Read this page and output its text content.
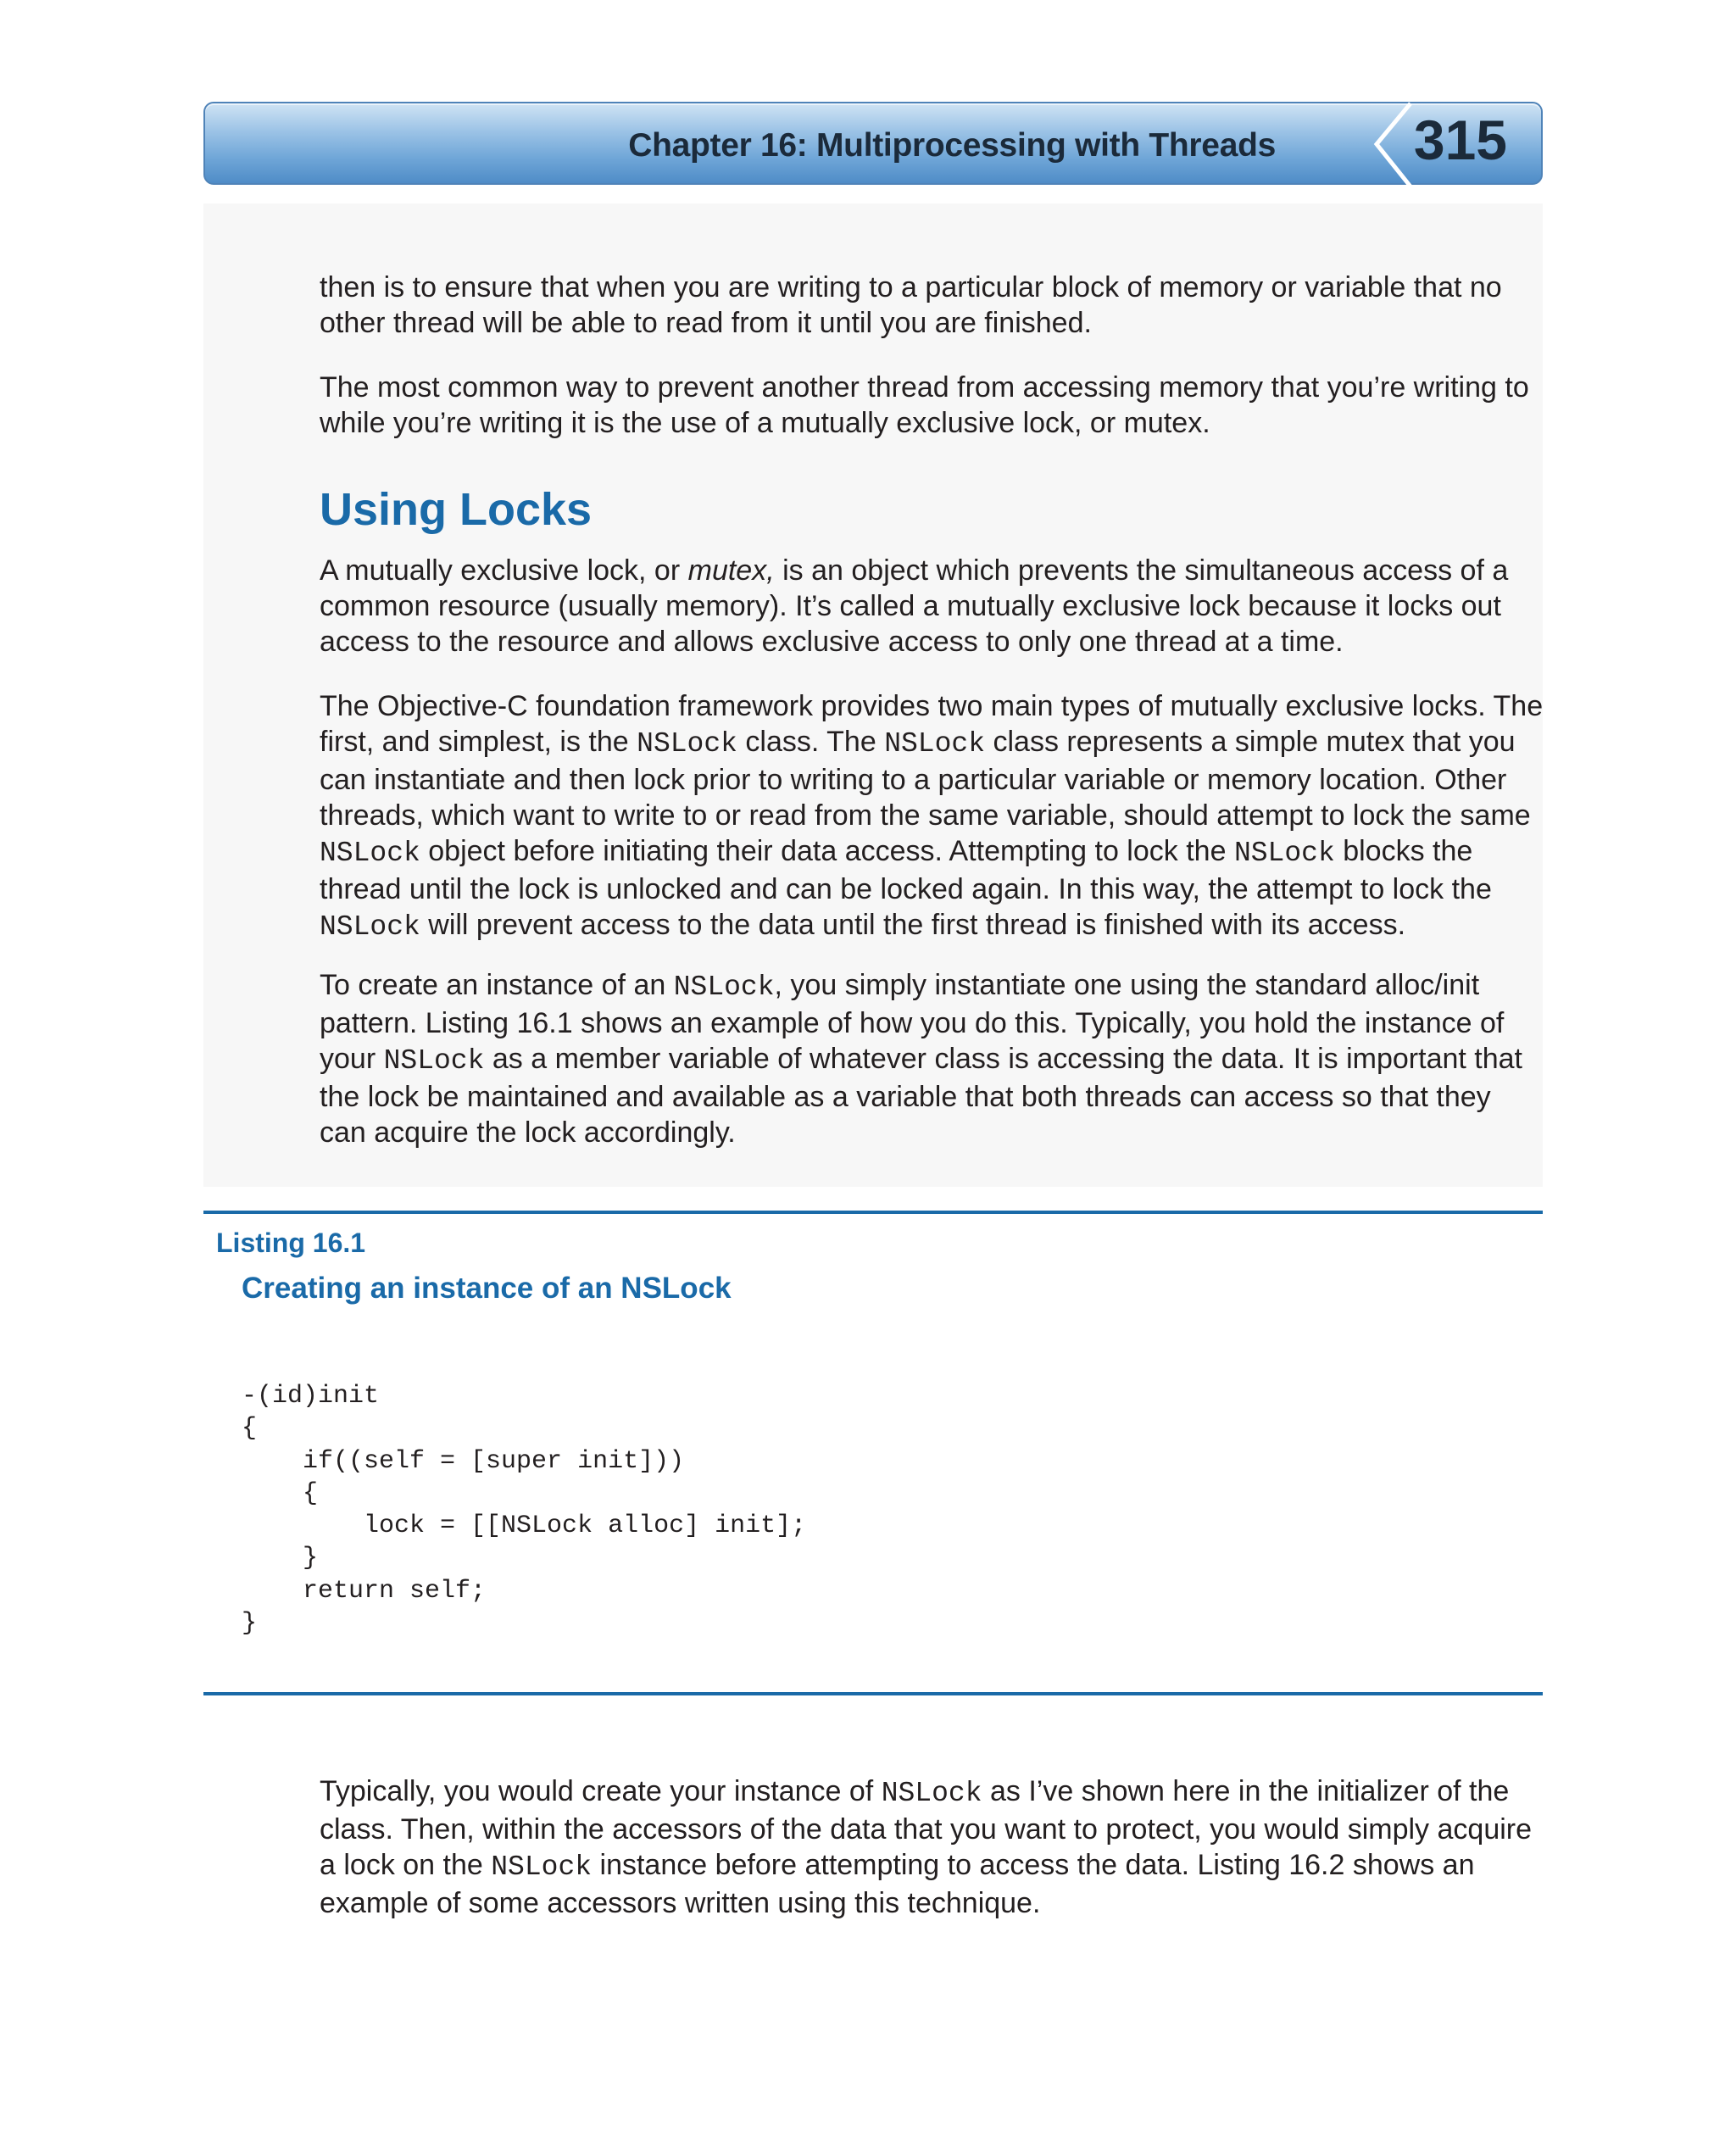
Chapter 16: Multiprocessing with Threads 315

then is to ensure that when you are writing to a particular block of memory or variable that no other thread will be able to read from it until you are finished.

The most common way to prevent another thread from accessing memory that you’re writing to while you’re writing it is the use of a mutually exclusive lock, or mutex.

Using Locks

A mutually exclusive lock, or mutex, is an object which prevents the simultaneous access of a common resource (usually memory). It’s called a mutually exclusive lock because it locks out access to the resource and allows exclusive access to only one thread at a time.

The Objective-C foundation framework provides two main types of mutually exclusive locks. The first, and simplest, is the NSLock class. The NSLock class represents a simple mutex that you can instantiate and then lock prior to writing to a particular variable or memory location. Other threads, which want to write to or read from the same variable, should attempt to lock the same NSLock object before initiating their data access. Attempting to lock the NSLock blocks the thread until the lock is unlocked and can be locked again. In this way, the attempt to lock the NSLock will prevent access to the data until the first thread is finished with its access.

To create an instance of an NSLock, you simply instantiate one using the standard alloc/init pattern. Listing 16.1 shows an example of how you do this. Typically, you hold the instance of your NSLock as a member variable of whatever class is accessing the data. It is important that the lock be maintained and available as a variable that both threads can access so that they can acquire the lock accordingly.

Listing 16.1
Creating an instance of an NSLock
-(id)init
{
if((self = [super init]))
{
lock = [[NSLock alloc] init];
}
return self;
}

Typically, you would create your instance of NSLock as I’ve shown here in the initializer of the class. Then, within the accessors of the data that you want to protect, you would simply acquire a lock on the NSLock instance before attempting to access the data. Listing 16.2 shows an example of some accessors written using this technique.
